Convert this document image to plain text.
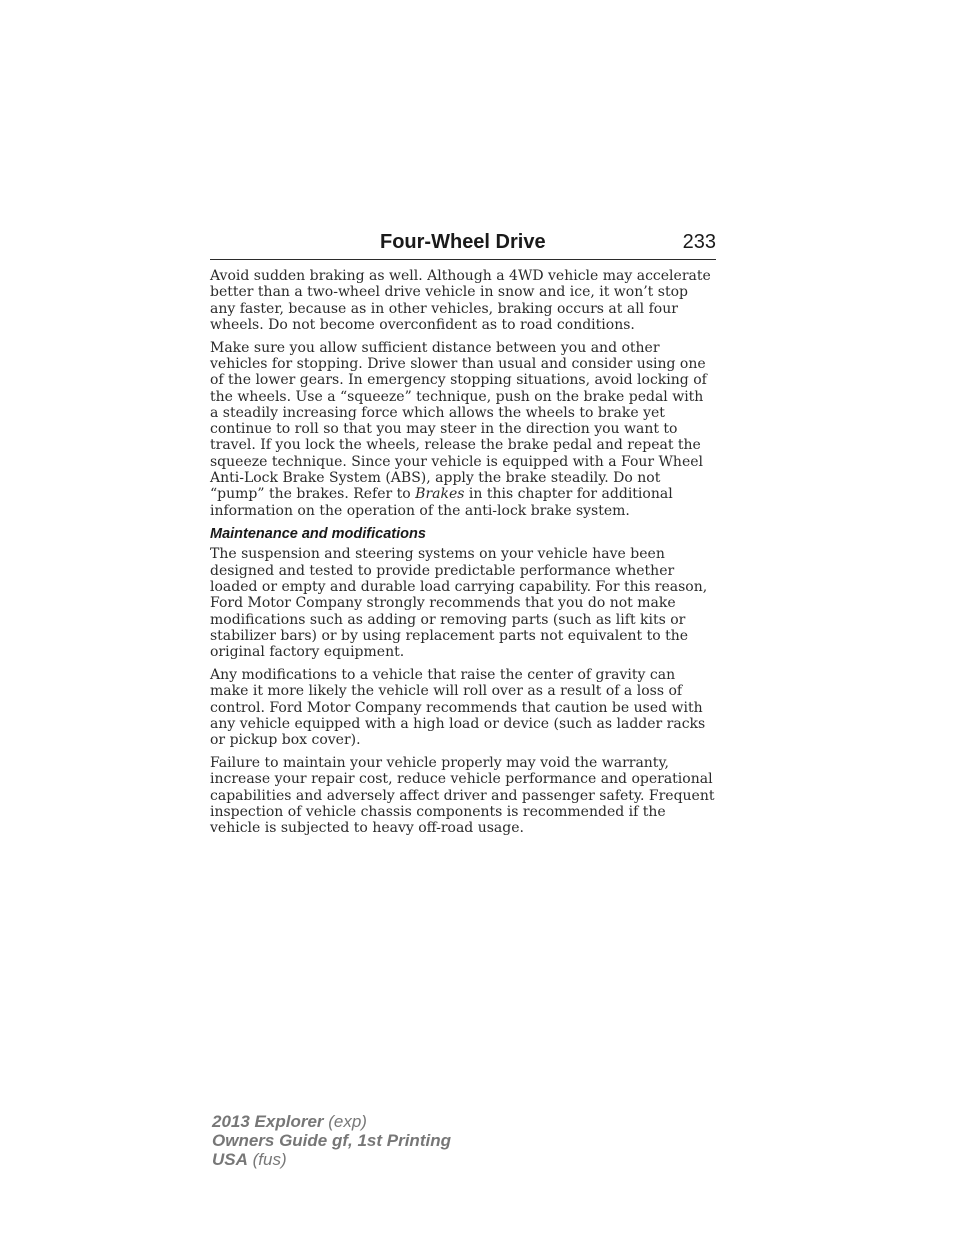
Four-Wheel Drive	233

Avoid sudden braking as well. Although a 4WD vehicle may accelerate better than a two-wheel drive vehicle in snow and ice, it won’t stop any faster, because as in other vehicles, braking occurs at all four wheels. Do not become overconfident as to road conditions.

Make sure you allow sufficient distance between you and other vehicles for stopping. Drive slower than usual and consider using one of the lower gears. In emergency stopping situations, avoid locking of the wheels. Use a “squeeze” technique, push on the brake pedal with a steadily increasing force which allows the wheels to brake yet continue to roll so that you may steer in the direction you want to travel. If you lock the wheels, release the brake pedal and repeat the squeeze technique. Since your vehicle is equipped with a Four Wheel Anti-Lock Brake System (ABS), apply the brake steadily. Do not “pump” the brakes. Refer to Brakes in this chapter for additional information on the operation of the anti-lock brake system.

Maintenance and modifications

The suspension and steering systems on your vehicle have been designed and tested to provide predictable performance whether loaded or empty and durable load carrying capability. For this reason, Ford Motor Company strongly recommends that you do not make modifications such as adding or removing parts (such as lift kits or stabilizer bars) or by using replacement parts not equivalent to the original factory equipment.

Any modifications to a vehicle that raise the center of gravity can make it more likely the vehicle will roll over as a result of a loss of control. Ford Motor Company recommends that caution be used with any vehicle equipped with a high load or device (such as ladder racks or pickup box cover).

Failure to maintain your vehicle properly may void the warranty, increase your repair cost, reduce vehicle performance and operational capabilities and adversely affect driver and passenger safety. Frequent inspection of vehicle chassis components is recommended if the vehicle is subjected to heavy off-road usage.

2013 Explorer (exp)
Owners Guide gf, 1st Printing
USA (fus)
